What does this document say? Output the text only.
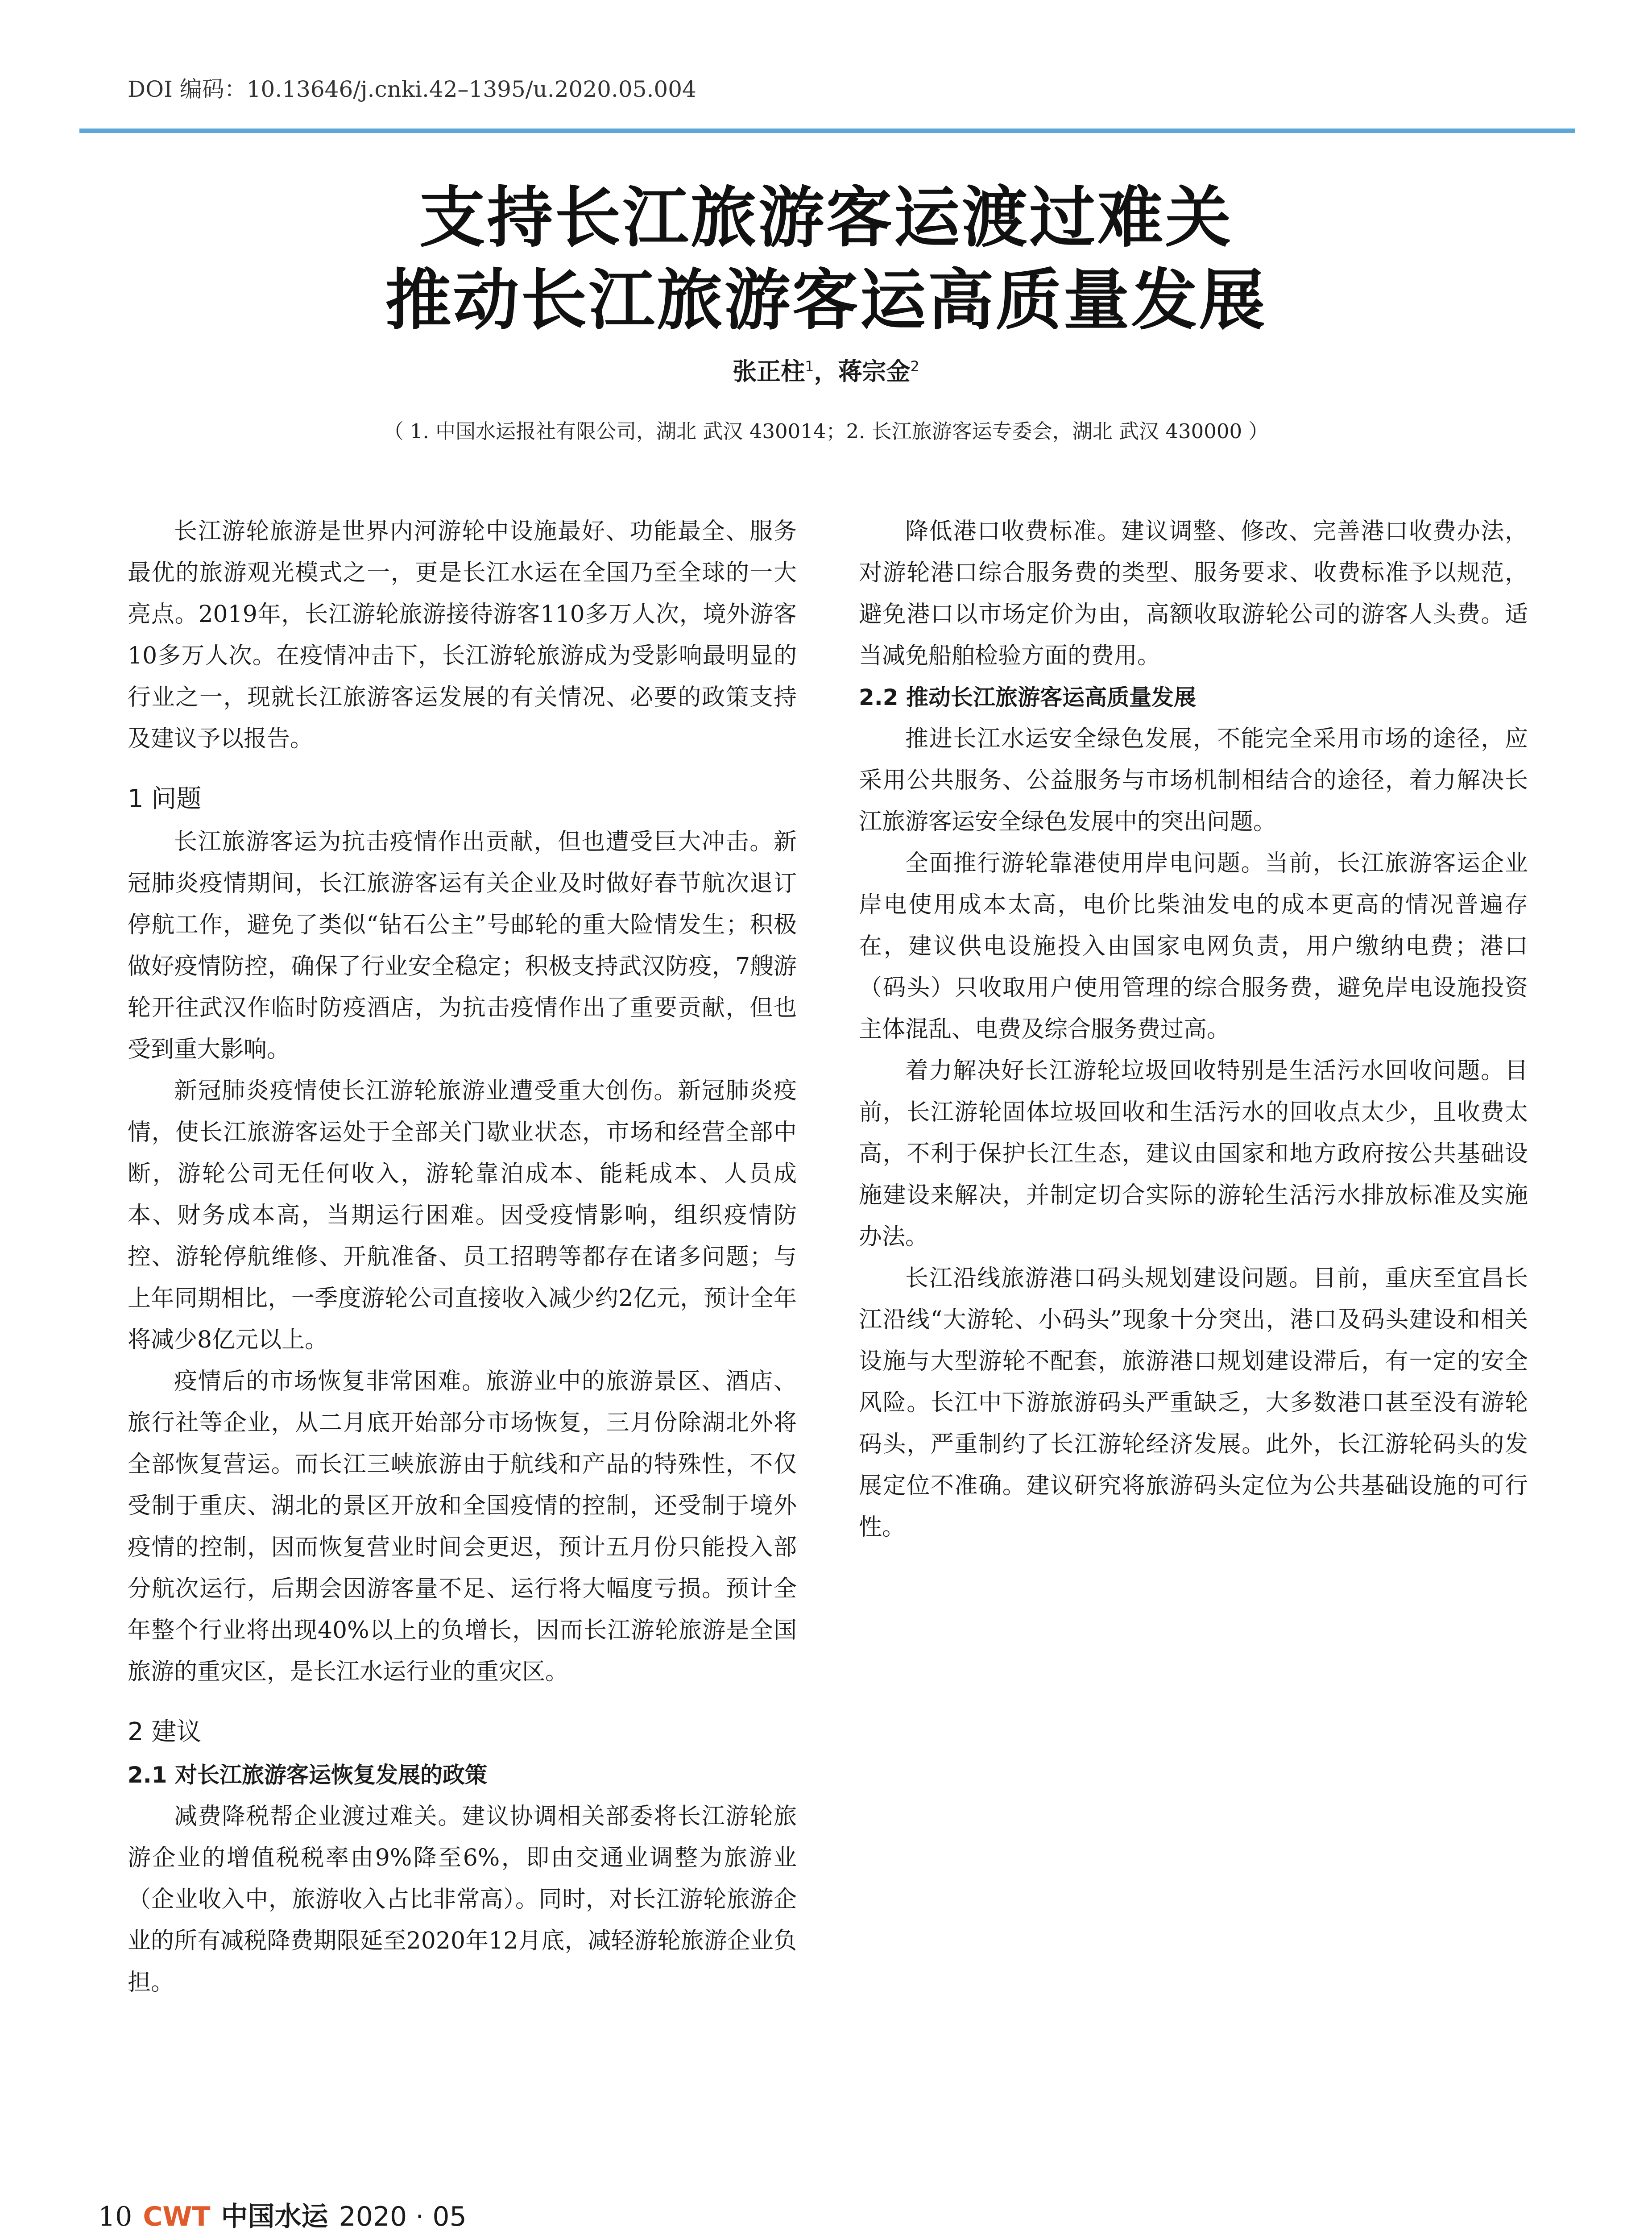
DOI 编码：10.13646/j.cnki.42–1395/u.2020.05.004
支持长江旅游客运渡过难关
推动长江旅游客运高质量发展
张正柱$^1$，蒋宗金$^2$
（ 1. 中国水运报社有限公司，湖北 武汉 430014；2. 长江旅游客运专委会，湖北 武汉 430000 ）

长江游轮旅游是世界内河游轮中设施最好、功能最全、服务最优的旅游观光模式之一，更是长江水运在全国乃至全球的一大亮点。2019年，长江游轮旅游接待游客110多万人次，境外游客10多万人次。在疫情冲击下，长江游轮旅游成为受影响最明显的行业之一，现就长江旅游客运发展的有关情况、必要的政策支持及建议予以报告。

1 问题

长江旅游客运为抗击疫情作出贡献，但也遭受巨大冲击。新冠肺炎疫情期间，长江旅游客运有关企业及时做好春节航次退订停航工作，避免了类似“钻石公主”号邮轮的重大险情发生；积极做好疫情防控，确保了行业安全稳定；积极支持武汉防疫，7艘游轮开往武汉作临时防疫酒店，为抗击疫情作出了重要贡献，但也受到重大影响。

新冠肺炎疫情使长江游轮旅游业遭受重大创伤。新冠肺炎疫情，使长江旅游客运处于全部关门歇业状态，市场和经营全部中断，游轮公司无任何收入，游轮靠泊成本、能耗成本、人员成本、财务成本高，当期运行困难。因受疫情影响，组织疫情防控、游轮停航维修、开航准备、员工招聘等都存在诸多问题；与上年同期相比，一季度游轮公司直接收入减少约2亿元，预计全年将减少8亿元以上。

疫情后的市场恢复非常困难。旅游业中的旅游景区、酒店、旅行社等企业，从二月底开始部分市场恢复，三月份除湖北外将全部恢复营运。而长江三峡旅游由于航线和产品的特殊性，不仅受制于重庆、湖北的景区开放和全国疫情的控制，还受制于境外疫情的控制，因而恢复营业时间会更迟，预计五月份只能投入部分航次运行，后期会因游客量不足、运行将大幅度亏损。预计全年整个行业将出现40%以上的负增长，因而长江游轮旅游是全国旅游的重灾区，是长江水运行业的重灾区。

2 建议
2.1 对长江旅游客运恢复发展的政策

减费降税帮企业渡过难关。建议协调相关部委将长江游轮旅游企业的增值税税率由9%降至6%，即由交通业调整为旅游业（企业收入中，旅游收入占比非常高）。同时，对长江游轮旅游企业的所有减税降费期限延至2020年12月底，减轻游轮旅游企业负担。

降低港口收费标准。建议调整、修改、完善港口收费办法，对游轮港口综合服务费的类型、服务要求、收费标准予以规范，避免港口以市场定价为由，高额收取游轮公司的游客人头费。适当减免船舶检验方面的费用。

2.2 推动长江旅游客运高质量发展

推进长江水运安全绿色发展，不能完全采用市场的途径，应采用公共服务、公益服务与市场机制相结合的途径，着力解决长江旅游客运安全绿色发展中的突出问题。

全面推行游轮靠港使用岸电问题。当前，长江旅游客运企业岸电使用成本太高，电价比柴油发电的成本更高的情况普遍存在，建议供电设施投入由国家电网负责，用户缴纳电费；港口（码头）只收取用户使用管理的综合服务费，避免岸电设施投资主体混乱、电费及综合服务费过高。

着力解决好长江游轮垃圾回收特别是生活污水回收问题。目前，长江游轮固体垃圾回收和生活污水的回收点太少，且收费太高，不利于保护长江生态，建议由国家和地方政府按公共基础设施建设来解决，并制定切合实际的游轮生活污水排放标准及实施办法。

长江沿线旅游港口码头规划建设问题。目前，重庆至宜昌长江沿线“大游轮、小码头”现象十分突出，港口及码头建设和相关设施与大型游轮不配套，旅游港口规划建设滞后，有一定的安全风险。长江中下游旅游码头严重缺乏，大多数港口甚至没有游轮码头，严重制约了长江游轮经济发展。此外，长江游轮码头的发展定位不准确。建议研究将旅游码头定位为公共基础设施的可行性。

10 CWT 中国水运 2020 · 05
